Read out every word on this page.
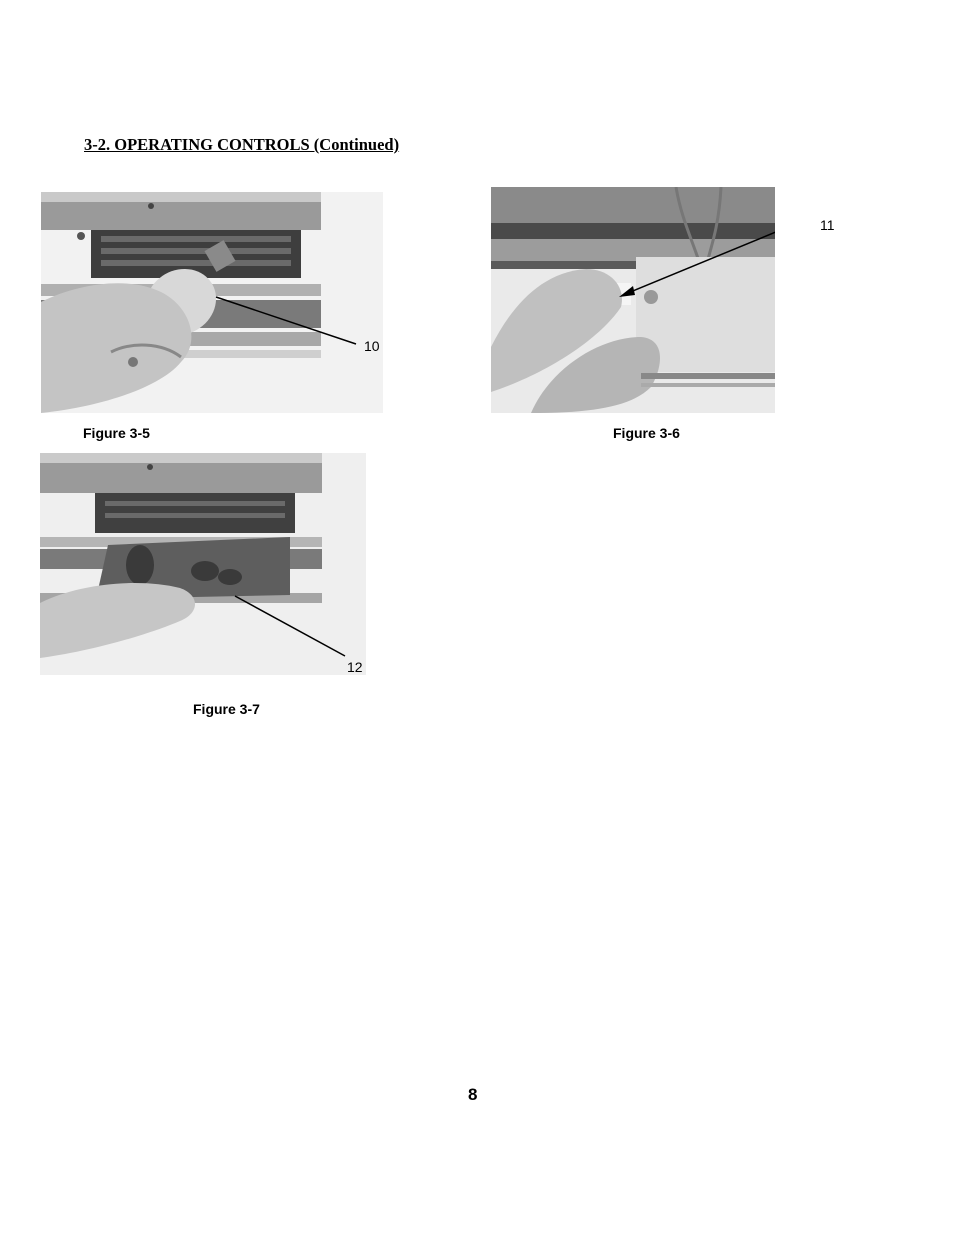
3-2. OPERATING CONTROLS (Continued)
10
Figure 3-5
11
Figure 3-6
12
Figure 3-7
8
